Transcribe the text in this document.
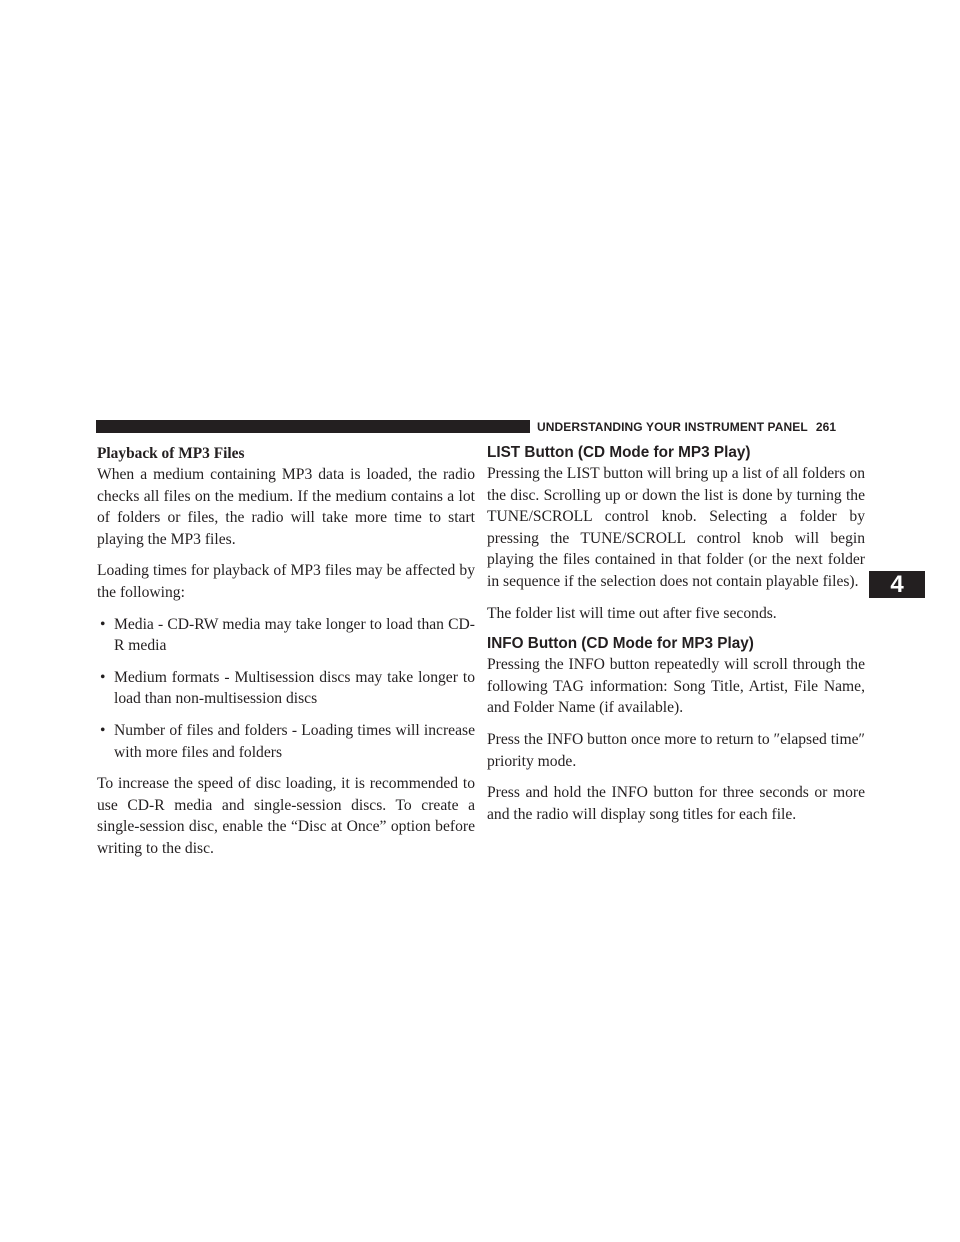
UNDERSTANDING YOUR INSTRUMENT PANEL 261
4
Playback of MP3 Files

When a medium containing MP3 data is loaded, the radio checks all files on the medium. If the medium contains a lot of folders or files, the radio will take more time to start playing the MP3 files.

Loading times for playback of MP3 files may be affected by the following:

• Media - CD-RW media may take longer to load than CD-R media
• Medium formats - Multisession discs may take longer to load than non-multisession discs
• Number of files and folders - Loading times will increase with more files and folders

To increase the speed of disc loading, it is recommended to use CD-R media and single-session discs. To create a single-session disc, enable the “Disc at Once” option before writing to the disc.

LIST Button (CD Mode for MP3 Play)

Pressing the LIST button will bring up a list of all folders on the disc. Scrolling up or down the list is done by turning the TUNE/SCROLL control knob. Selecting a folder by pressing the TUNE/SCROLL control knob will begin playing the files contained in that folder (or the next folder in sequence if the selection does not contain playable files).

The folder list will time out after five seconds.

INFO Button (CD Mode for MP3 Play)

Pressing the INFO button repeatedly will scroll through the following TAG information: Song Title, Artist, File Name, and Folder Name (if available).

Press the INFO button once more to return to ″elapsed time″ priority mode.

Press and hold the INFO button for three seconds or more and the radio will display song titles for each file.
